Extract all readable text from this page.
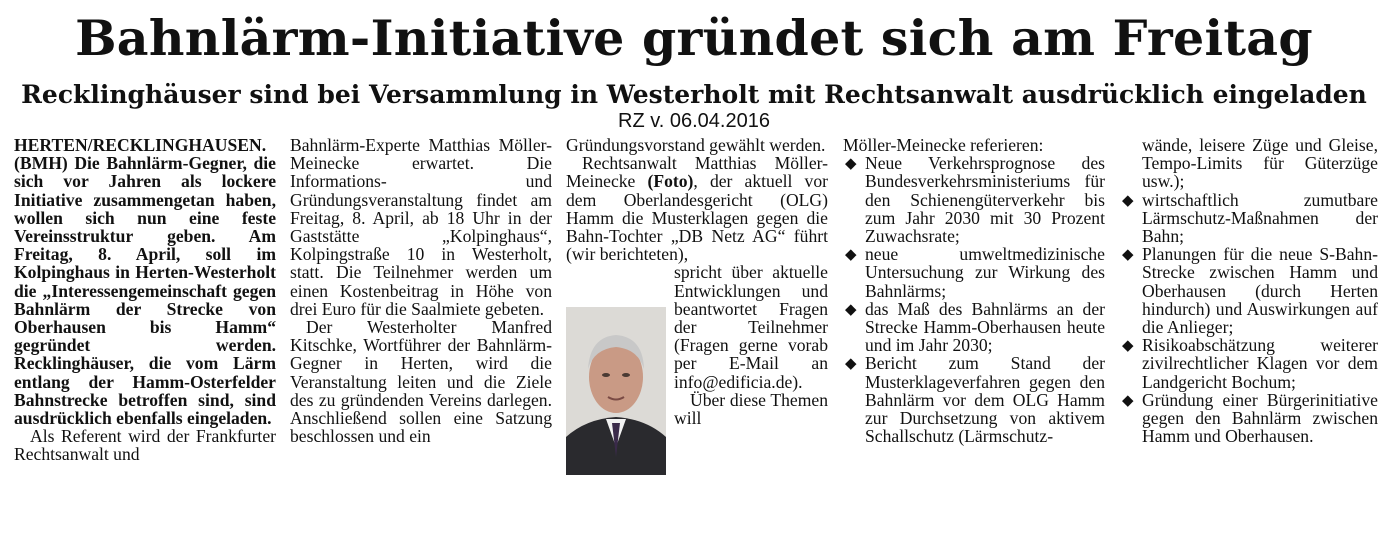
Bahnlärm-Initiative gründet sich am Freitag
Recklinghäuser sind bei Versammlung in Westerholt mit Rechtsanwalt ausdrücklich eingeladen
RZ v. 06.04.2016

HERTEN/RECKLINGHAUSEN. (BMH) Die Bahnlärm-Gegner, die sich vor Jahren als lockere Initiative zusammengetan haben, wollen sich nun eine feste Vereinsstruktur geben. Am Freitag, 8. April, soll im Kolpinghaus in Herten-Westerholt die „Interessengemeinschaft gegen Bahnlärm der Strecke von Oberhausen bis Hamm“ gegründet werden. Recklinghäuser, die vom Lärm entlang der Hamm-Osterfelder Bahnstrecke betroffen sind, sind ausdrücklich ebenfalls eingeladen.

Als Referent wird der Frankfurter Rechtsanwalt und

Bahnlärm-Experte Matthias Möller-Meinecke erwartet. Die Informations- und Gründungsveranstaltung findet am Freitag, 8. April, ab 18 Uhr in der Gaststätte „Kolpinghaus“, Kolpingstraße 10 in Westerholt, statt. Die Teilnehmer werden um einen Kostenbeitrag in Höhe von drei Euro für die Saalmiete gebeten.

Der Westerholter Manfred Kitschke, Wortführer der Bahnlärm-Gegner in Herten, wird die Veranstaltung leiten und die Ziele des zu gründenden Vereins darlegen. Anschließend sollen eine Satzung beschlossen und ein

Gründungsvorstand gewählt werden.

Rechtsanwalt Matthias Möller-Meinecke (Foto), der aktuell vor dem Oberlandesgericht (OLG) Hamm die Musterklagen gegen die Bahn-Tochter „DB Netz AG“ führt (wir berichteten),

spricht über aktuelle Entwicklungen und beantwortet Fragen der Teilnehmer (Fragen gerne vorab per E-Mail an info@edificia.de).

Über diese Themen will

Möller-Meinecke referieren:

◆ Neue Verkehrsprognose des Bundesverkehrsministeriums für den Schienengüterverkehr bis zum Jahr 2030 mit 30 Prozent Zuwachsrate;
◆ neue umweltmedizinische Untersuchung zur Wirkung des Bahnlärms;
◆ das Maß des Bahnlärms an der Strecke Hamm-Oberhausen heute und im Jahr 2030;
◆ Bericht zum Stand der Musterklageverfahren gegen den Bahnlärm vor dem OLG Hamm zur Durchsetzung von aktivem Schallschutz (Lärmschutz-

wände, leisere Züge und Gleise, Tempo-Limits für Güterzüge usw.);

◆ wirtschaftlich zumutbare Lärmschutz-Maßnahmen der Bahn;
◆ Planungen für die neue S-Bahn-Strecke zwischen Hamm und Oberhausen (durch Herten hindurch) und Auswirkungen auf die Anlieger;
◆ Risikoabschätzung weiterer zivilrechtlicher Klagen vor dem Landgericht Bochum;
◆ Gründung einer Bürgerinitiative gegen den Bahnlärm zwischen Hamm und Oberhausen.
